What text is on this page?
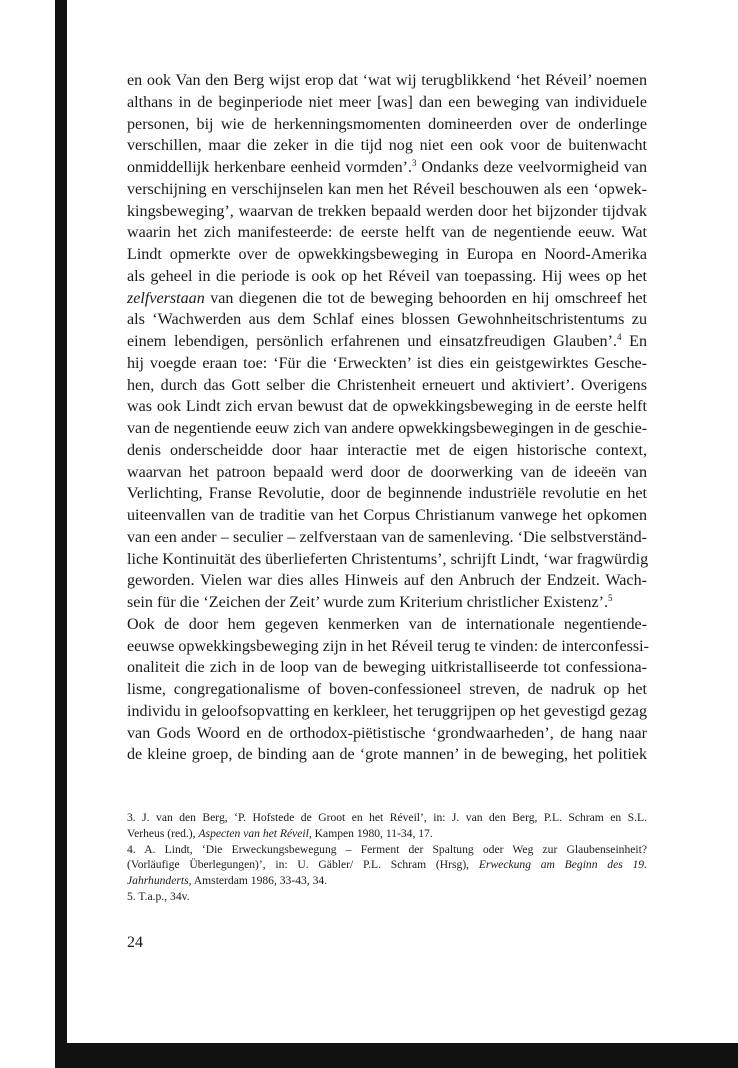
en ook Van den Berg wijst erop dat ‘wat wij terugblikkend ‘het Réveil’ noemen
althans in de beginperiode niet meer [was] dan een beweging van individuele
personen, bij wie de herkenningsmomenten domineerden over de onderlinge
verschillen, maar die zeker in die tijd nog niet een ook voor de buitenwacht
onmiddellijk herkenbare eenheid vormden’.$^3$ Ondanks deze veelvormigheid van
verschijning en verschijnselen kan men het Réveil beschouwen als een ‘opwek-
kingsbeweging’, waarvan de trekken bepaald werden door het bijzonder tijdvak
waarin het zich manifesteerde: de eerste helft van de negentiende eeuw. Wat
Lindt opmerkte over de opwekkingsbeweging in Europa en Noord-Amerika
als geheel in die periode is ook op het Réveil van toepassing. Hij wees op het
zelfverstaan van diegenen die tot de beweging behoorden en hij omschreef het
als ‘Wachwerden aus dem Schlaf eines blossen Gewohnheitschristentums zu
einem lebendigen, persönlich erfahrenen und einsatzfreudigen Glauben’.$^4$ En
hij voegde eraan toe: ‘Für die ‘Erweckten’ ist dies ein geistgewirktes Gesche-
hen, durch das Gott selber die Christenheit erneuert und aktiviert’. Overigens
was ook Lindt zich ervan bewust dat de opwekkingsbeweging in de eerste helft
van de negentiende eeuw zich van andere opwekkingsbewegingen in de geschie-
denis onderscheidde door haar interactie met de eigen historische context,
waarvan het patroon bepaald werd door de doorwerking van de ideeën van
Verlichting, Franse Revolutie, door de beginnende industriële revolutie en het
uiteenvallen van de traditie van het Corpus Christianum vanwege het opkomen
van een ander – seculier – zelfverstaan van de samenleving. ‘Die selbstverständ-
liche Kontinuität des überlieferten Christentums’, schrijft Lindt, ‘war fragwürdig
geworden. Vielen war dies alles Hinweis auf den Anbruch der Endzeit. Wach-
sein für die ‘Zeichen der Zeit’ wurde zum Kriterium christlicher Existenz’.$^5$
Ook de door hem gegeven kenmerken van de internationale negentiende-
eeuwse opwekkingsbeweging zijn in het Réveil terug te vinden: de interconfessi-
onaliteit die zich in de loop van de beweging uitkristalliseerde tot confessiona-
lisme, congregationalisme of boven-confessioneel streven, de nadruk op het
individu in geloofsopvatting en kerkleer, het teruggrijpen op het gevestigd gezag
van Gods Woord en de orthodox-piëtistische ‘grondwaarheden’, de hang naar
de kleine groep, de binding aan de ‘grote mannen’ in de beweging, het politiek
3. J. van den Berg, ‘P. Hofstede de Groot en het Réveil’, in: J. van den Berg, P.L. Schram en S.L.
Verheus (red.), Aspecten van het Réveil, Kampen 1980, 11-34, 17.
4. A. Lindt, ‘Die Erweckungsbewegung – Ferment der Spaltung oder Weg zur Glaubenseinheit?
(Vorläufige Überlegungen)’, in: U. Gäbler/ P.L. Schram (Hrsg), Erweckung am Beginn des 19.
Jahrhunderts, Amsterdam 1986, 33-43, 34.
5. T.a.p., 34v.
24
